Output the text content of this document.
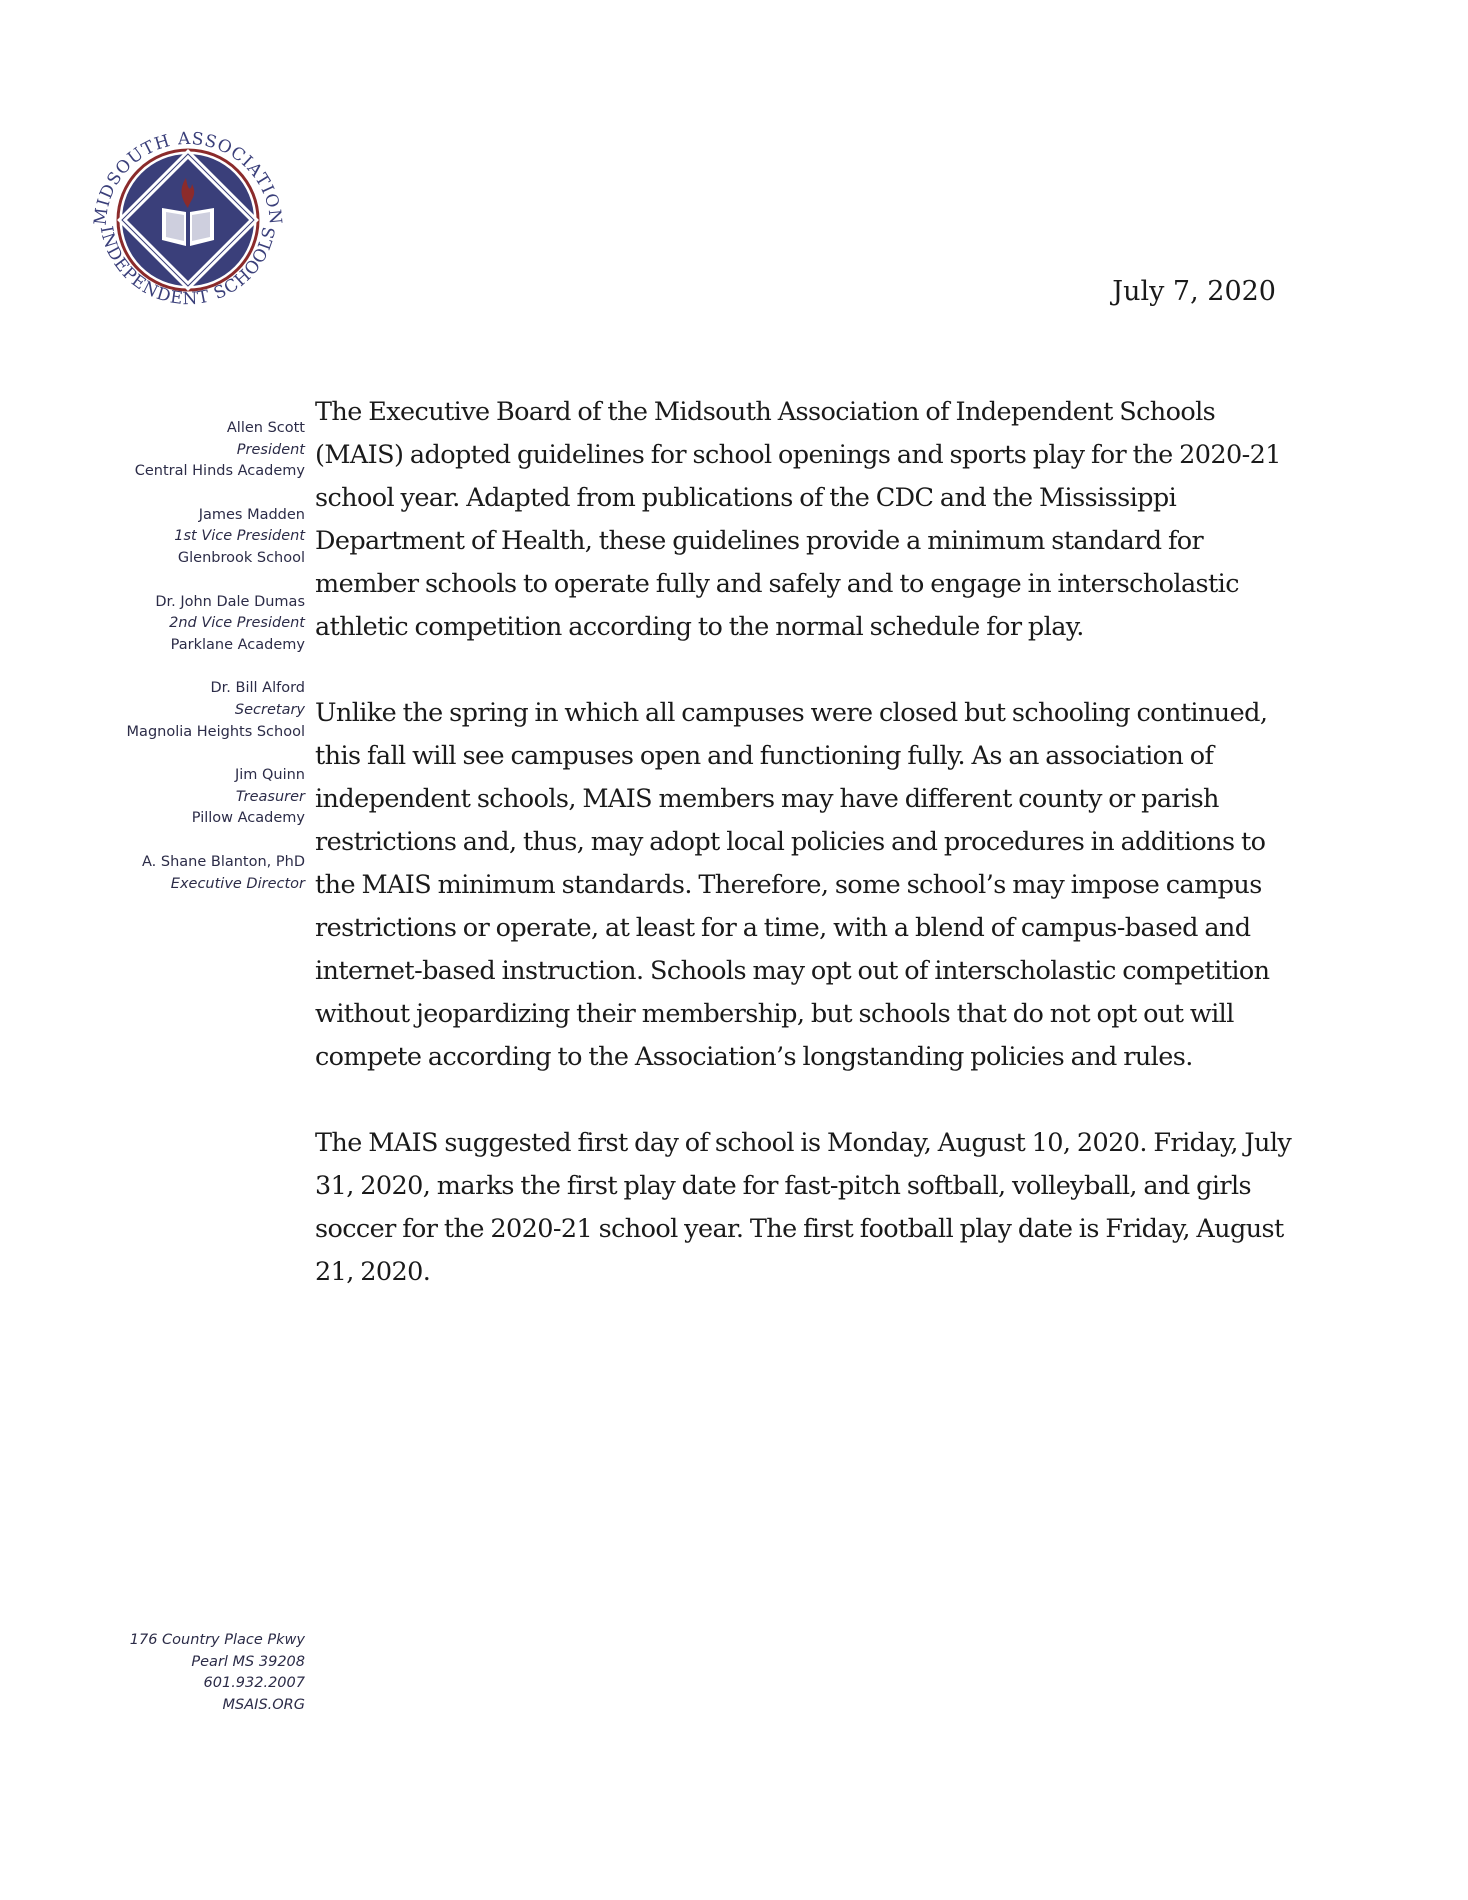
MIDSOUTH ASSOCIATION
INDEPENDENT SCHOOLS
July 7, 2020
Allen Scott
President
Central Hinds Academy
James Madden
1st Vice President
Glenbrook School
Dr. John Dale Dumas
2nd Vice President
Parklane Academy
Dr. Bill Alford
Secretary
Magnolia Heights School
Jim Quinn
Treasurer
Pillow Academy
A. Shane Blanton, PhD
Executive Director
176 Country Place Pkwy
Pearl MS 39208
601.932.2007
MSAIS.ORG

The Executive Board of the Midsouth Association of Independent Schools (MAIS) adopted guidelines for school openings and sports play for the 2020-21 school year. Adapted from publications of the CDC and the Mississippi Department of Health, these guidelines provide a minimum standard for member schools to operate fully and safely and to engage in interscholastic athletic competition according to the normal schedule for play.

Unlike the spring in which all campuses were closed but schooling continued, this fall will see campuses open and functioning fully. As an association of independent schools, MAIS members may have different county or parish restrictions and, thus, may adopt local policies and procedures in additions to the MAIS minimum standards. Therefore, some school’s may impose campus restrictions or operate, at least for a time, with a blend of campus-based and internet-based instruction. Schools may opt out of interscholastic competition without jeopardizing their membership, but schools that do not opt out will compete according to the Association’s longstanding policies and rules.

The MAIS suggested first day of school is Monday, August 10, 2020. Friday, July 31, 2020, marks the first play date for fast-pitch softball, volleyball, and girls soccer for the 2020-21 school year. The first football play date is Friday, August 21, 2020.
